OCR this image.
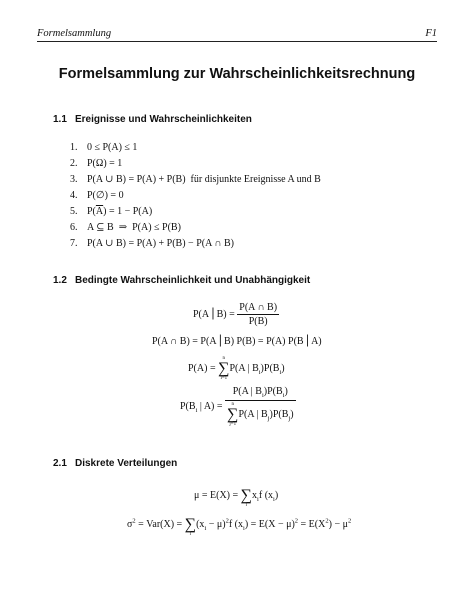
Formelsammlung	F1
Formelsammlung zur Wahrscheinlichkeitsrechnung
1.1 Ereignisse und Wahrscheinlichkeiten
1. 0 ≤ P(A) ≤ 1
2. P(Ω) = 1
3. P(A ∪ B) = P(A) + P(B)  für disjunkte Ereignisse A und B
4. P(∅) = 0
5. $P(\overline{A}) = 1 - P(A)$
6. A ⊆ B  ⇒  P(A) ≤ P(B)
7. P(A ∪ B) = P(A) + P(B) − P(A ∩ B)
1.2 Bedingte Wahrscheinlichkeit und Unabhängigkeit
P(A⎪B) = $\frac{P(A \cap B)}{P(B)}$
P(A ∩ B) = P(A⎪B) P(B) = P(A) P(B⎪A)
P(A) =
n
∑
i=1
P(A | $B_i)P(B_i)$
$P(B_i$ | A) = P(A | $B_i)P(B_i)$
n
∑
j=1
P(A | $B_j)P(B_j)$
2.1 Diskrete Verteilungen
μ = E(X) =
∑
i
$x_if$ $(x_i)$
$\sigma^2 = Var(X)$ =
∑
i
$(x_i - \mu)^2f$ $(x_i) = E(X - \mu)^2 = E(X^2) - \mu^2$
